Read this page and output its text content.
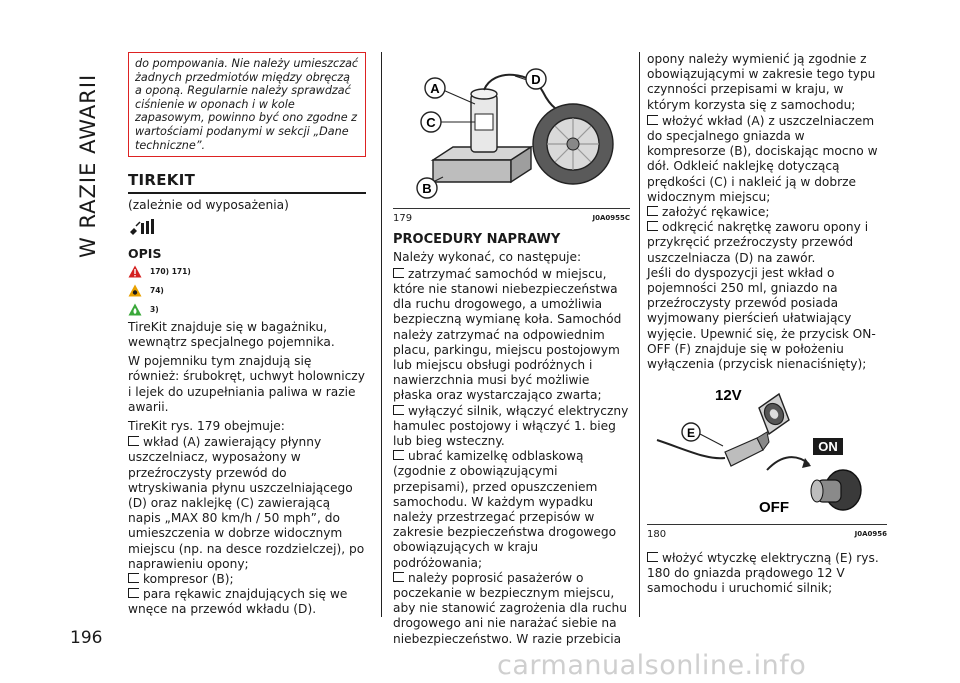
W RAZIE AWARII
196
do pompowania. Nie należy umieszczać żadnych przedmiotów między obręczą a oponą. Regularnie należy sprawdzać ciśnienie w oponach i w kole zapasowym, powinno być ono zgodne z wartościami podanymi w sekcji „Dane techniczne”.
TIREKIT

(zależnie od wyposażenia)

OPIS
170) 171)
74)
3)

TireKit znajduje się w bagażniku, wewnątrz specjalnego pojemnika.

W pojemniku tym znajdują się również: śrubokręt, uchwyt holowniczy i lejek do uzupełniania paliwa w razie awarii.

TireKit rys. 179 obejmuje:

wkład (A) zawierający płynny uszczelniacz, wyposażony w przeźroczysty przewód do wtryskiwania płynu uszczelniającego (D) oraz naklejkę (C) zawierającą napis „MAX 80 km/h / 50 mph”, do umieszczenia w dobrze widocznym miejscu (np. na desce rozdzielczej), po naprawieniu opony;
kompresor (B);
para rękawic znajdujących się we wnęce na przewód wkładu (D).
A
C
D
B
179	J0A0955C
PROCEDURY NAPRAWY

Należy wykonać, co następuje:

zatrzymać samochód w miejscu, które nie stanowi niebezpieczeństwa dla ruchu drogowego, a umożliwia bezpieczną wymianę koła. Samochód należy zatrzymać na odpowiednim placu, parkingu, miejscu postojowym lub miejscu obsługi podróżnych i nawierzchnia musi być możliwie płaska oraz wystarczająco zwarta;
wyłączyć silnik, włączyć elektryczny hamulec postojowy i włączyć 1. bieg lub bieg wsteczny.
ubrać kamizelkę odblaskową (zgodnie z obowiązującymi przepisami), przed opuszczeniem samochodu. W każdym wypadku należy przestrzegać przepisów w zakresie bezpieczeństwa drogowego obowiązujących w kraju podróżowania;
należy poprosić pasażerów o poczekanie w bezpiecznym miejscu, aby nie stanowić zagrożenia dla ruchu drogowego ani nie narażać siebie na niebezpieczeństwo. W razie przebicia

opony należy wymienić ją zgodnie z obowiązującymi w zakresie tego typu czynności przepisami w kraju, w którym korzysta się z samochodu;

włożyć wkład (A) z uszczelniaczem do specjalnego gniazda w kompresorze (B), dociskając mocno w dół. Odkleić naklejkę dotyczącą prędkości (C) i nakleić ją w dobrze widocznym miejscu;
założyć rękawice;
odkręcić nakrętkę zaworu opony i przykręcić przeźroczysty przewód uszczelniacza (D) na zawór.

Jeśli do dyspozycji jest wkład o pojemności 250 ml, gniazdo na przeźroczysty przewód posiada wyjmowany pierścień ułatwiający wyjęcie. Upewnić się, że przycisk ON-OFF (F) znajduje się w położeniu wyłączenia (przycisk nienaciśnięty);

12V
E
ON
OFF
180	J0A0956
włożyć wtyczkę elektryczną (E) rys. 180 do gniazda prądowego 12 V samochodu i uruchomić silnik;
carmanualsonline.info
